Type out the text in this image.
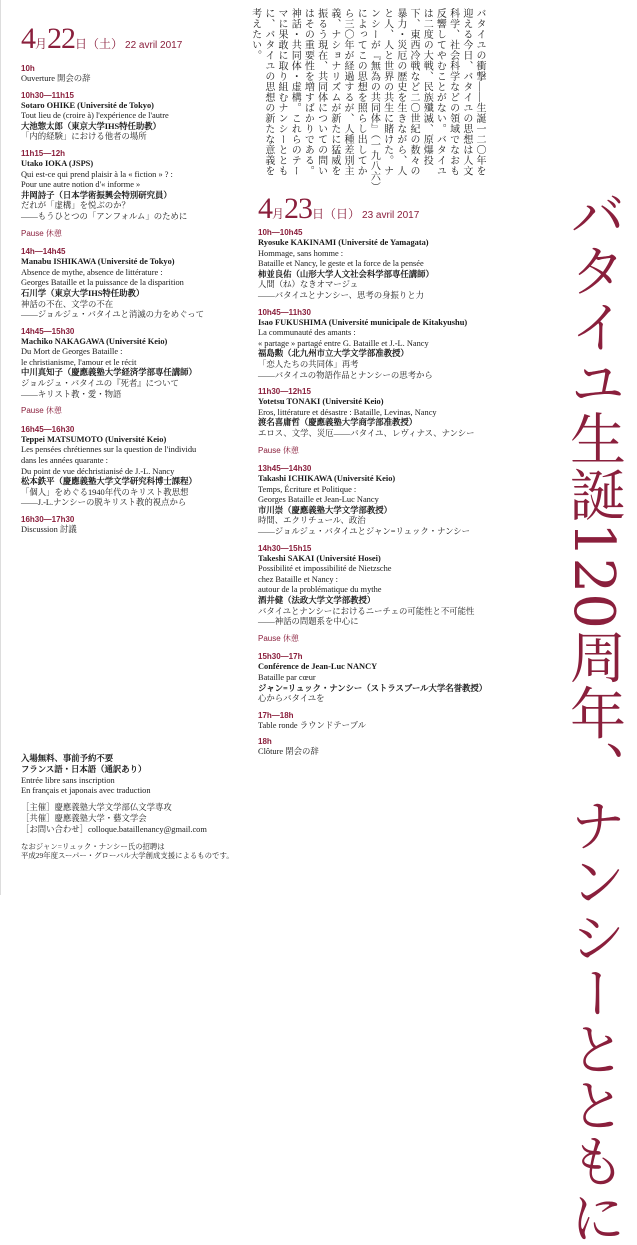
4月22日（土） 22 avril 2017
10h
Ouverture 開会の辞
10h30—11h15
Sotaro OHIKE (Université de Tokyo)
Tout lieu de (croire à) l'expérience de l'autre
大池惣太郎（東京大学IHS特任助教）
「内的経験」における他者の場所
11h15—12h
Utako IOKA (JSPS)
Qui est-ce qui prend plaisir à la « fiction » ? :
Pour une autre notion d'« informe »
井岡詩子（日本学術振興会特別研究員）
だれが「虚構」を悦ぶのか？
――もうひとつの「アンフォルム」のために
Pause 休憩
14h—14h45
Manabu ISHIKAWA (Université de Tokyo)
Absence de mythe, absence de littérature :
Georges Bataille et la puissance de la disparition
石川学（東京大学IHS特任助教）
神話の不在、文学の不在
――ジョルジュ・バタイユと消滅の力をめぐって
14h45—15h30
Machiko NAKAGAWA (Université Keio)
Du Mort de Georges Bataille :
le christianisme, l'amour et le récit
中川真知子（慶應義塾大学経済学部専任講師）
ジョルジュ・バタイユの『死者』について
――キリスト教・愛・物語
Pause 休憩
16h45—16h30
Teppei MATSUMOTO (Université Keio)
Les pensées chrétiennes sur la question de l'individu
dans les années quarante :
Du point de vue déchristianisé de J.-L. Nancy
松本鉄平（慶應義塾大学文学研究科博士課程）
「個人」をめぐる1940年代のキリスト教思想
――J.-L.ナンシーの脱キリスト教的視点から
16h30—17h30
Discussion 討議
バタイユの衝撃――生誕一二〇年を
迎える今日、バタイユの思想は人文
科学、社会科学などの領域でなおも
反響してやむことがない。バタイユ
は二度の大戦、民族殲滅、原爆投
下、東西冷戦など二〇世紀の数々の
暴力・災厄の歴史を生きながら、人
と人、人と世界の共生に賭けた。ナ
ンシーが『無為の共同体』（一九八六）
によってこの思想を照らし出してか
ら三〇年が経過するが、人種差別主
義、ナショナリズムが新たに猛威を
振るう現在、共同体についての問い
はその重要性を増すばかりである。
神話・共同体・虚構。これらのテー
マに果敢に取り組むナンシーととも
に、バタイユの思想の新たな意義を
考えたい。
4月23日（日） 23 avril 2017
10h—10h45
Ryosuke KAKINAMI (Université de Yamagata)
Hommage, sans homme :
Bataille et Nancy, le geste et la force de la pensée
柿並良佑（山形大学人文社会科学部専任講師）
人間（ｵﾑ）なきオマージュ
――バタイユとナンシー、思考の身振りと力
10h45—11h30
Isao FUKUSHIMA (Université municipale de Kitakyushu)
La communauté des amants :
« partage » partagé entre G. Bataille et J.-L. Nancy
福島勲（北九州市立大学文学部准教授）
「恋人たちの共同体」再考
――バタイユの物語作品とナンシーの思考から
11h30—12h15
Yotetsu TONAKI (Université Keio)
Eros, littérature et désastre : Bataille, Levinas, Nancy
渡名喜庸哲（慶應義塾大学商学部准教授）
エロス、文学、災厄――バタイユ、レヴィナス、ナンシー
Pause 休憩
13h45—14h30
Takashi ICHIKAWA (Université Keio)
Temps, Écriture et Politique :
Georges Bataille et Jean-Luc Nancy
市川崇（慶應義塾大学文学部教授）
時間、エクリチュール、政治
――ジョルジュ・バタイユとジャン=リュック・ナンシー
14h30—15h15
Takeshi SAKAI (Université Hosei)
Possibilité et impossibilité de Nietzsche
chez Bataille et Nancy :
autour de la problématique du mythe
酒井健（法政大学文学部教授）
バタイユとナンシーにおけるニーチェの可能性と不可能性
――神話の問題系を中心に
Pause 休憩
15h30—17h
Conférence de Jean-Luc NANCY
Bataille par cœur
ジャン=リュック・ナンシー（ストラスブール大学名誉教授）
心からバタイユを
17h—18h
Table ronde ラウンドテーブル
18h
Clôture 閉会の辞	バタイユ生誕120周年、ナンシーとともに
入場無料、事前予約不要
フランス語・日本語（通訳あり）
Entrée libre sans inscription
En français et japonais avec traduction
［主催］慶應義塾大学文学部仏文学専攻
［共催］慶應義塾大学・藝文学会
［お問い合わせ］colloque.bataillenancy@gmail.com
なおジャン=リュック・ナンシー氏の招聘は
平成29年度スーパー・グローバル大学創成支援によるものです。
